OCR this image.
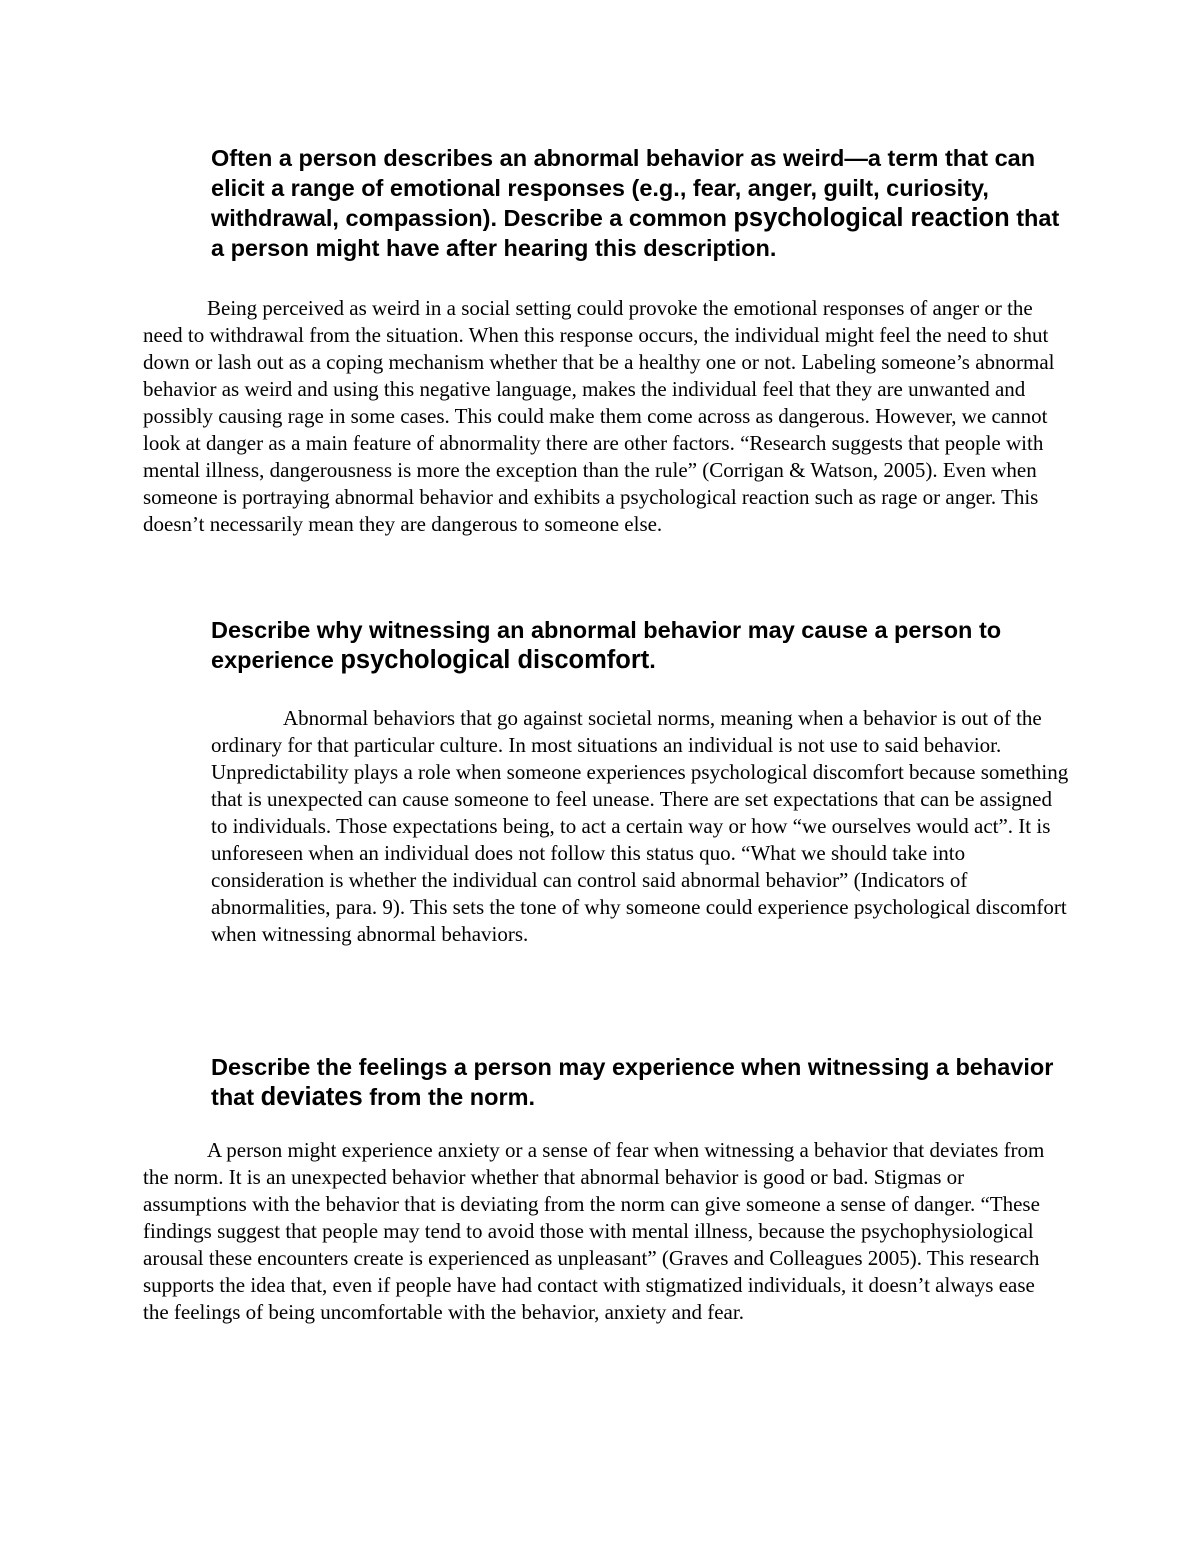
Often a person describes an abnormal behavior as weird—a term that can elicit a range of emotional responses (e.g., fear, anger, guilt, curiosity, withdrawal, compassion). Describe a common psychological reaction that a person might have after hearing this description.

Being perceived as weird in a social setting could provoke the emotional responses of anger or the need to withdrawal from the situation. When this response occurs, the individual might feel the need to shut down or lash out as a coping mechanism whether that be a healthy one or not. Labeling someone’s abnormal behavior as weird and using this negative language, makes the individual feel that they are unwanted and possibly causing rage in some cases. This could make them come across as dangerous. However, we cannot look at danger as a main feature of abnormality there are other factors. “Research suggests that people with mental illness, dangerousness is more the exception than the rule” (Corrigan & Watson, 2005). Even when someone is portraying abnormal behavior and exhibits a psychological reaction such as rage or anger. This doesn’t necessarily mean they are dangerous to someone else.

Describe why witnessing an abnormal behavior may cause a person to experience psychological discomfort.

Abnormal behaviors that go against societal norms, meaning when a behavior is out of the ordinary for that particular culture. In most situations an individual is not use to said behavior. Unpredictability plays a role when someone experiences psychological discomfort because something that is unexpected can cause someone to feel unease. There are set expectations that can be assigned to individuals. Those expectations being, to act a certain way or how “we ourselves would act”. It is unforeseen when an individual does not follow this status quo. “What we should take into consideration is whether the individual can control said abnormal behavior” (Indicators of abnormalities, para. 9). This sets the tone of why someone could experience psychological discomfort when witnessing abnormal behaviors.

Describe the feelings a person may experience when witnessing a behavior that deviates from the norm.

A person might experience anxiety or a sense of fear when witnessing a behavior that deviates from the norm. It is an unexpected behavior whether that abnormal behavior is good or bad. Stigmas or assumptions with the behavior that is deviating from the norm can give someone a sense of danger. “These findings suggest that people may tend to avoid those with mental illness, because the psychophysiological arousal these encounters create is experienced as unpleasant” (Graves and Colleagues 2005). This research supports the idea that, even if people have had contact with stigmatized individuals, it doesn’t always ease the feelings of being uncomfortable with the behavior, anxiety and fear.
